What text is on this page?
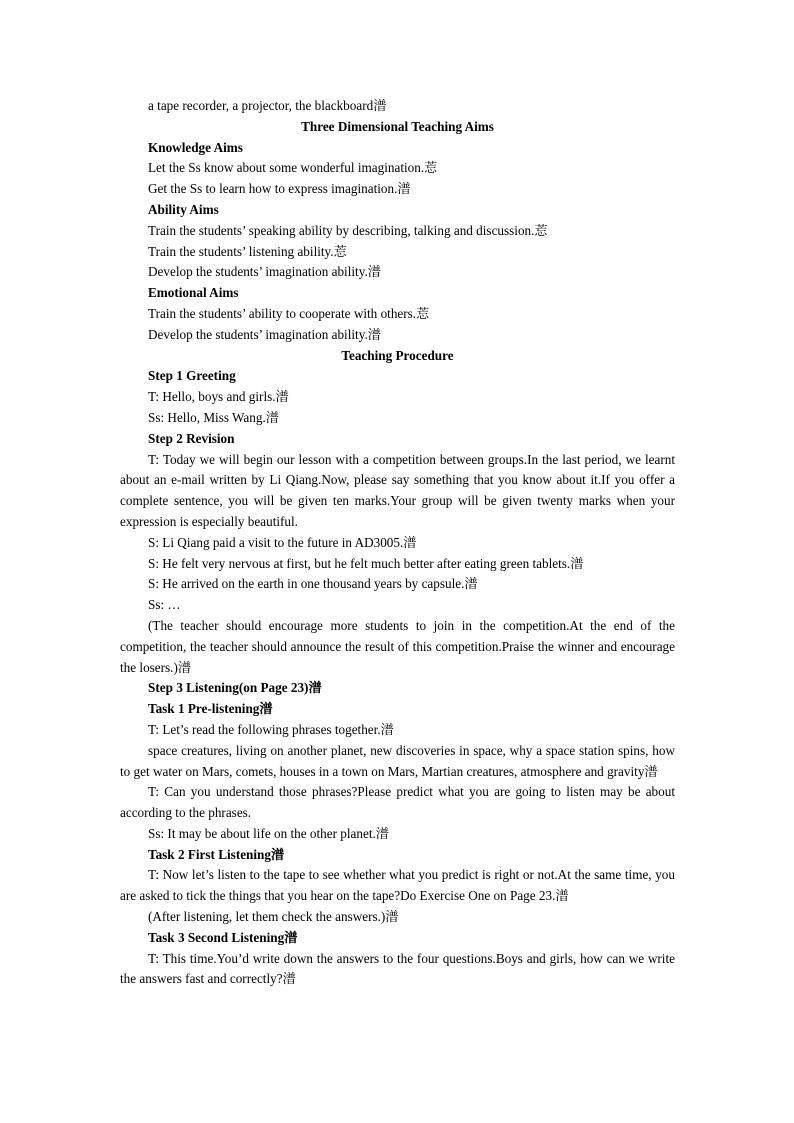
a tape recorder, a projector, the blackboard潽

Three Dimensional Teaching Aims

Knowledge Aims

Let the Ss know about some wonderful imagination.莣

Get the Ss to learn how to express imagination.潽

Ability Aims

Train the students’ speaking ability by describing, talking and discussion.莣

Train the students’ listening ability.莣

Develop the students’ imagination ability.潽

Emotional Aims

Train the students’ ability to cooperate with others.莣

Develop the students’ imagination ability.潽

Teaching Procedure

Step 1 Greeting

T: Hello, boys and girls.潽

Ss: Hello, Miss Wang.潽

Step 2 Revision

T: Today we will begin our lesson with a competition between groups.In the last period, we learnt about an e-mail written by Li Qiang.Now, please say something that you know about it.If you offer a complete sentence, you will be given ten marks.Your group will be given twenty marks when your expression is especially beautiful.

S: Li Qiang paid a visit to the future in AD3005.潽

S: He felt very nervous at first, but he felt much better after eating green tablets.潽

S: He arrived on the earth in one thousand years by capsule.潽

Ss: …

(The teacher should encourage more students to join in the competition.At the end of the competition, the teacher should announce the result of this competition.Praise the winner and encourage the losers.)潽

Step 3 Listening(on Page 23)潽

Task 1 Pre-listening潽

T: Let’s read the following phrases together.潽

space creatures, living on another planet, new discoveries in space, why a space station spins, how to get water on Mars, comets, houses in a town on Mars, Martian creatures, atmosphere and gravity潽

T: Can you understand those phrases?Please predict what you are going to listen may be about according to the phrases.

Ss: It may be about life on the other planet.潽

Task 2 First Listening潽

T: Now let’s listen to the tape to see whether what you predict is right or not.At the same time, you are asked to tick the things that you hear on the tape?Do Exercise One on Page 23.潽

(After listening, let them check the answers.)潽

Task 3 Second Listening潽

T: This time.You’d write down the answers to the four questions.Boys and girls, how can we write the answers fast and correctly?潽
